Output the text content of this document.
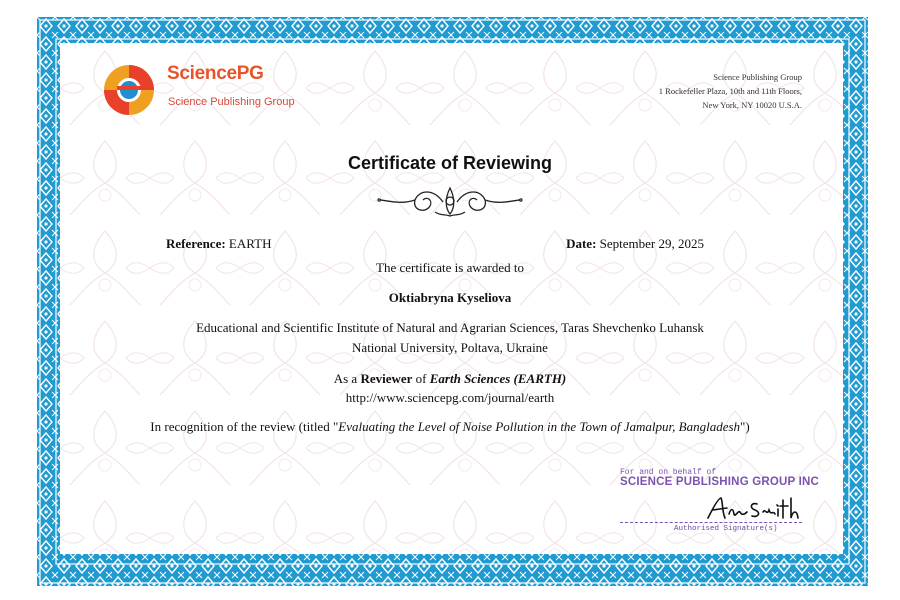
SciencePG
Science Publishing Group
Science Publishing Group
1 Rockefeller Plaza, 10th and 11th Floors,
New York, NY 10020 U.S.A.
Certificate of Reviewing
Reference: EARTH	Date: September 29, 2025
The certificate is awarded to
Oktiabryna Kyseliova
Educational and Scientific Institute of Natural and Agrarian Sciences, Taras Shevchenko Luhansk
National University, Poltava, Ukraine
As a Reviewer of Earth Sciences (EARTH)
http://www.sciencepg.com/journal/earth
In recognition of the review (titled "Evaluating the Level of Noise Pollution in the Town of Jamalpur, Bangladesh")
For and on behalf of
SCIENCE PUBLISHING GROUP INC
Authorised Signature(s)
